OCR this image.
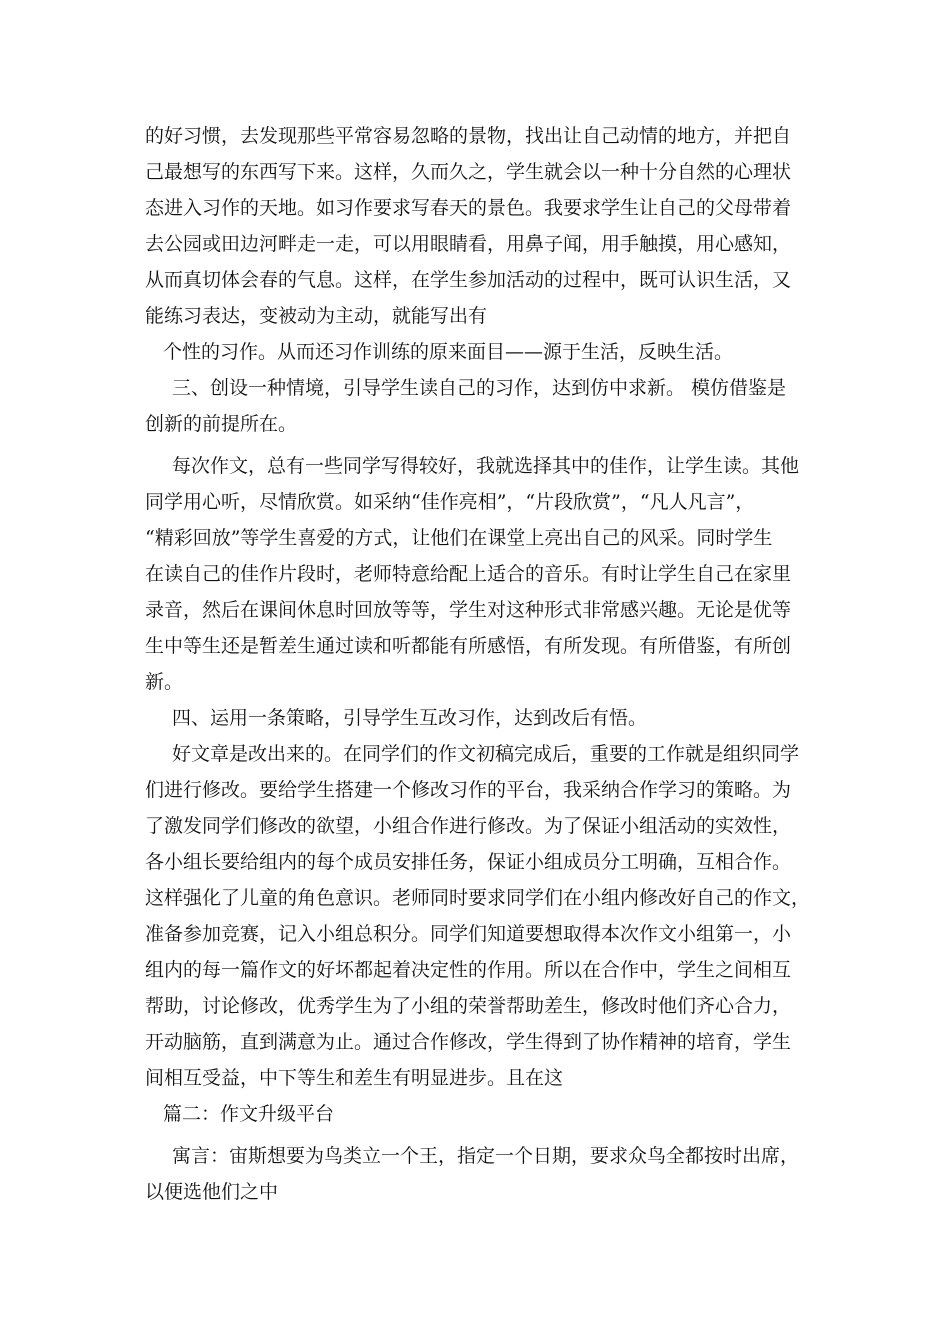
的好习惯，去发现那些平常容易忽略的景物，找出让自己动情的地方，并把自
己最想写的东西写下来。这样，久而久之，学生就会以一种十分自然的心理状
态进入习作的天地。如习作要求写春天的景色。我要求学生让自己的父母带着
去公园或田边河畔走一走，可以用眼睛看，用鼻子闻，用手触摸，用心感知，
从而真切体会春的气息。这样，在学生参加活动的过程中，既可认识生活，又
能练习表达，变被动为主动，就能写出有
个性的习作。从而还习作训练的原来面目——源于生活，反映生活。
三、创设一种情境，引导学生读自己的习作，达到仿中求新。 模仿借鉴是
创新的前提所在。
每次作文，总有一些同学写得较好，我就选择其中的佳作，让学生读。其他
同学用心听，尽情欣赏。如采纳“佳作亮相”，“片段欣赏”，“凡人凡言”，
“精彩回放”等学生喜爱的方式，让他们在课堂上亮出自己的风采。同时学生
在读自己的佳作片段时，老师特意给配上适合的音乐。有时让学生自己在家里
录音，然后在课间休息时回放等等，学生对这种形式非常感兴趣。无论是优等
生中等生还是暂差生通过读和听都能有所感悟，有所发现。有所借鉴，有所创
新。
四、运用一条策略，引导学生互改习作，达到改后有悟。
好文章是改出来的。在同学们的作文初稿完成后，重要的工作就是组织同学
们进行修改。要给学生搭建一个修改习作的平台，我采纳合作学习的策略。为
了激发同学们修改的欲望，小组合作进行修改。为了保证小组活动的实效性，
各小组长要给组内的每个成员安排任务，保证小组成员分工明确，互相合作。
这样强化了儿童的角色意识。老师同时要求同学们在小组内修改好自己的作文，
准备参加竞赛，记入小组总积分。同学们知道要想取得本次作文小组第一，小
组内的每一篇作文的好坏都起着决定性的作用。所以在合作中，学生之间相互
帮助，讨论修改，优秀学生为了小组的荣誉帮助差生，修改时他们齐心合力，
开动脑筋，直到满意为止。通过合作修改，学生得到了协作精神的培育，学生
间相互受益，中下等生和差生有明显进步。且在这
篇二：作文升级平台
寓言：宙斯想要为鸟类立一个王，指定一个日期，要求众鸟全都按时出席，
以便选他们之中
